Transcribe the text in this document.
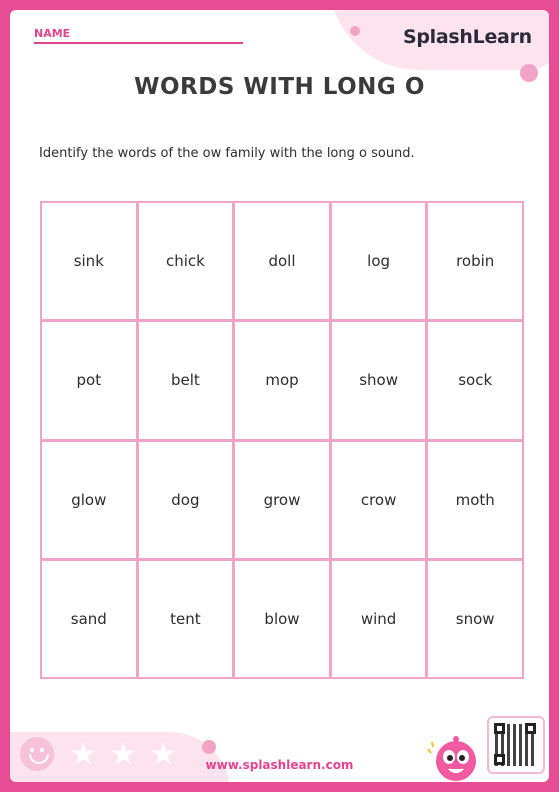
NAME	SplashLearn
WORDS WITH LONG O
Identify the words of the ow family with the long o sound.
sink	chick	doll	log	robin
pot	belt	mop	show	sock
glow	dog	grow	crow	moth
sand	tent	blow	wind	snow
★ ★ ★	www.splashlearn.com
